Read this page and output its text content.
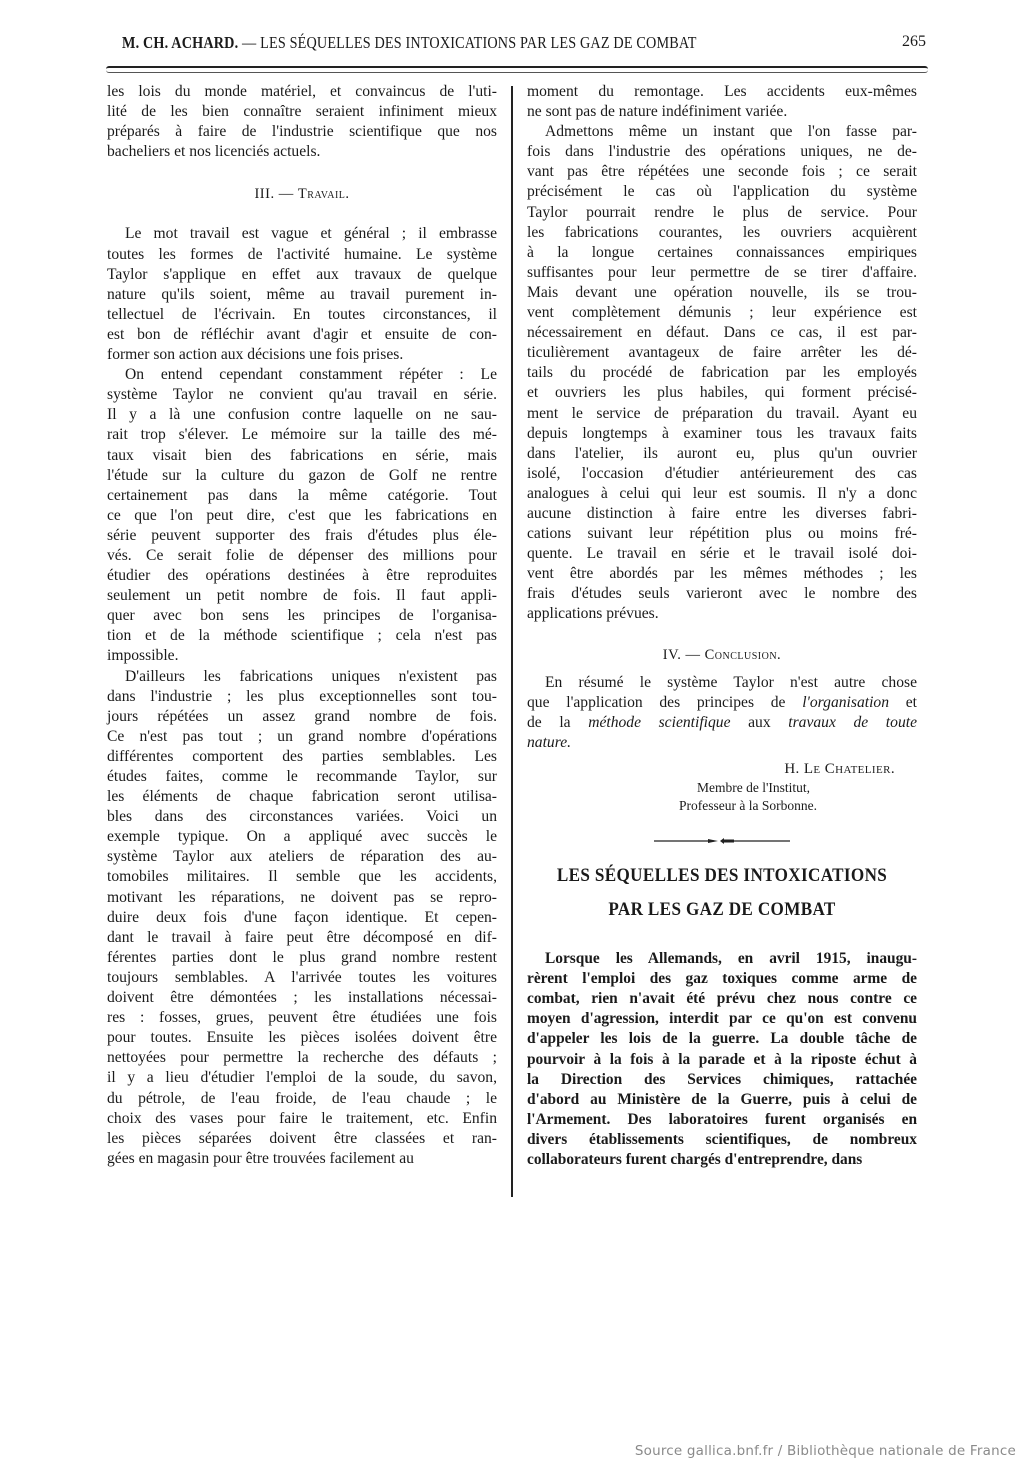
M. CH. ACHARD. — LES SÉQUELLES DES INTOXICATIONS PAR LES GAZ DE COMBAT	265
les lois du monde matériel, et convaincus de l'uti-
lité de les bien connaître seraient infiniment mieux
préparés à faire de l'industrie scientifique que nos
bacheliers et nos licenciés actuels.
III. — Travail.
Le mot travail est vague et général ; il embrasse
toutes les formes de l'activité humaine. Le système
Taylor s'applique en effet aux travaux de quelque
nature qu'ils soient, même au travail purement in-
tellectuel de l'écrivain. En toutes circonstances, il
est bon de réfléchir avant d'agir et ensuite de con-
former son action aux décisions une fois prises.
On entend cependant constamment répéter : Le
système Taylor ne convient qu'au travail en série.
Il y a là une confusion contre laquelle on ne sau-
rait trop s'élever. Le mémoire sur la taille des mé-
taux visait bien des fabrications en série, mais
l'étude sur la culture du gazon de Golf ne rentre
certainement pas dans la même catégorie. Tout
ce que l'on peut dire, c'est que les fabrications en
série peuvent supporter des frais d'études plus éle-
vés. Ce serait folie de dépenser des millions pour
étudier des opérations destinées à être reproduites
seulement un petit nombre de fois. Il faut appli-
quer avec bon sens les principes de l'organisa-
tion et de la méthode scientifique ; cela n'est pas
impossible.
D'ailleurs les fabrications uniques n'existent pas
dans l'industrie ; les plus exceptionnelles sont tou-
jours répétées un assez grand nombre de fois.
Ce n'est pas tout ; un grand nombre d'opérations
différentes comportent des parties semblables. Les
études faites, comme le recommande Taylor, sur
les éléments de chaque fabrication seront utilisa-
bles dans des circonstances variées. Voici un
exemple typique. On a appliqué avec succès le
système Taylor aux ateliers de réparation des au-
tomobiles militaires. Il semble que les accidents,
motivant les réparations, ne doivent pas se repro-
duire deux fois d'une façon identique. Et cepen-
dant le travail à faire peut être décomposé en dif-
férentes parties dont le plus grand nombre restent
toujours semblables. A l'arrivée toutes les voitures
doivent être démontées ; les installations nécessai-
res : fosses, grues, peuvent être étudiées une fois
pour toutes. Ensuite les pièces isolées doivent être
nettoyées pour permettre la recherche des défauts ;
il y a lieu d'étudier l'emploi de la soude, du savon,
du pétrole, de l'eau froide, de l'eau chaude ; le
choix des vases pour faire le traitement, etc. Enfin
les pièces séparées doivent être classées et ran-
gées en magasin pour être trouvées facilement au
moment du remontage. Les accidents eux-mêmes
ne sont pas de nature indéfiniment variée.
Admettons même un instant que l'on fasse par-
fois dans l'industrie des opérations uniques, ne de-
vant pas être répétées une seconde fois ; ce serait
précisément le cas où l'application du système
Taylor pourrait rendre le plus de service. Pour
les fabrications courantes, les ouvriers acquièrent
à la longue certaines connaissances empiriques
suffisantes pour leur permettre de se tirer d'affaire.
Mais devant une opération nouvelle, ils se trou-
vent complètement démunis ; leur expérience est
nécessairement en défaut. Dans ce cas, il est par-
ticulièrement avantageux de faire arrêter les dé-
tails du procédé de fabrication par les employés
et ouvriers les plus habiles, qui forment précisé-
ment le service de préparation du travail. Ayant eu
depuis longtemps à examiner tous les travaux faits
dans l'atelier, ils auront eu, plus qu'un ouvrier
isolé, l'occasion d'étudier antérieurement des cas
analogues à celui qui leur est soumis. Il n'y a donc
aucune distinction à faire entre les diverses fabri-
cations suivant leur répétition plus ou moins fré-
quente. Le travail en série et le travail isolé doi-
vent être abordés par les mêmes méthodes ; les
frais d'études seuls varieront avec le nombre des
applications prévues.
IV. — Conclusion.
En résumé le système Taylor n'est autre chose
que l'application des principes de l'organisation et
de la méthode scientifique aux travaux de toute
nature.
H. Le Chatelier.
Membre de l'Institut,
Professeur à la Sorbonne.
LES SÉQUELLES DES INTOXICATIONS
PAR LES GAZ DE COMBAT
Lorsque les Allemands, en avril 1915, inaugu-
rèrent l'emploi des gaz toxiques comme arme de
combat, rien n'avait été prévu chez nous contre ce
moyen d'agression, interdit par ce qu'on est convenu
d'appeler les lois de la guerre. La double tâche de
pourvoir à la fois à la parade et à la riposte échut à
la Direction des Services chimiques, rattachée
d'abord au Ministère de la Guerre, puis à celui de
l'Armement. Des laboratoires furent organisés en
divers établissements scientifiques, de nombreux
collaborateurs furent chargés d'entreprendre, dans
Source gallica.bnf.fr / Bibliothèque nationale de France
